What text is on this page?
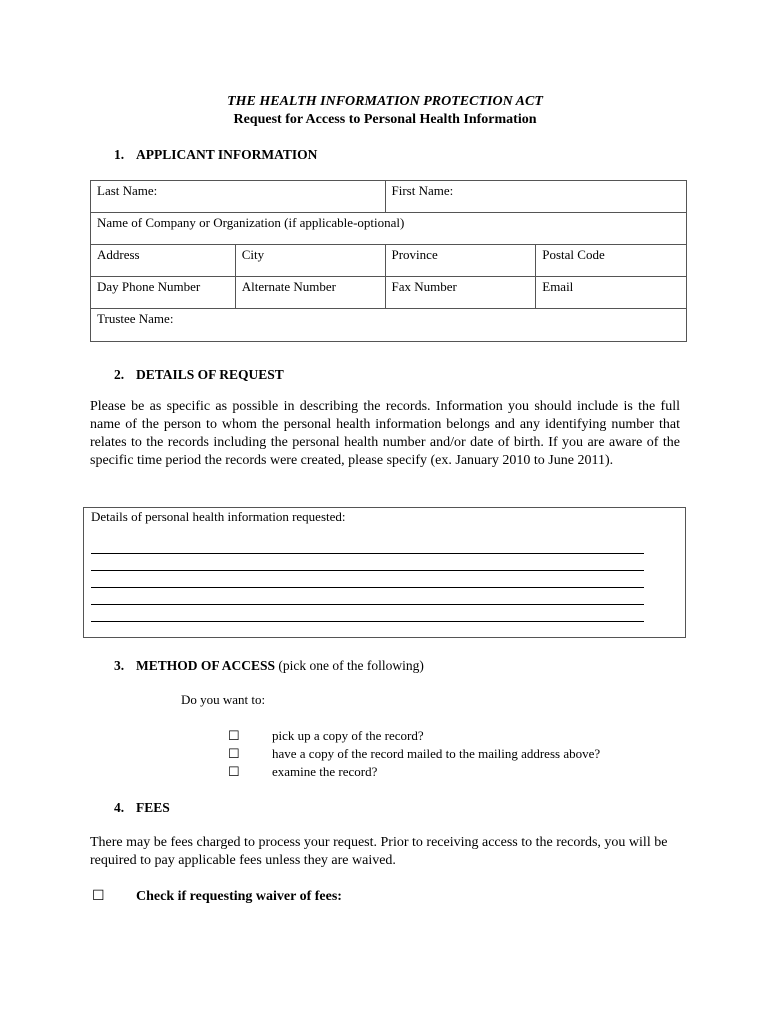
THE HEALTH INFORMATION PROTECTION ACT
Request for Access to Personal Health Information
1. APPLICANT INFORMATION
Last Name:		First Name:	
Name of Company or Organization (if applicable-optional)			
Address	City	Province	Postal Code
Day Phone Number	Alternate Number	Fax Number	Email
Trustee Name:			
2. DETAILS OF REQUEST
Please be as specific as possible in describing the records. Information you should include is the full name of the person to whom the personal health information belongs and any identifying number that relates to the records including the personal health number and/or date of birth. If you are aware of the specific time period the records were created, please specify (ex. January 2010 to June 2011).
Details of personal health information requested:
3. METHOD OF ACCESS (pick one of the following)
Do you want to:
☐ pick up a copy of the record?
☐ have a copy of the record mailed to the mailing address above?
☐ examine the record?
4. FEES
There may be fees charged to process your request. Prior to receiving access to the records, you will be required to pay applicable fees unless they are waived.
☐ Check if requesting waiver of fees:
